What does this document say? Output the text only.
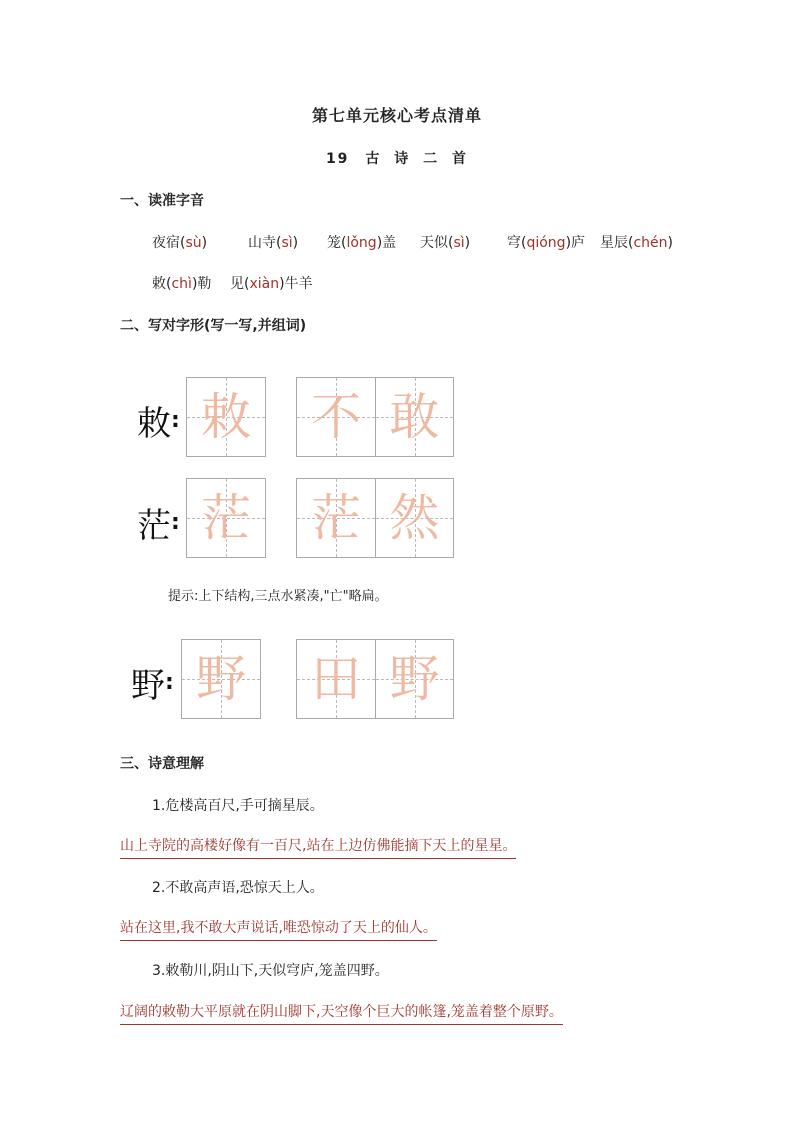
第七单元核心考点清单
19　古 诗 二 首
一、读准字音
夜宿(sù)	山寺(sì)	笼(lǒng)盖	天似(sì)	穹(qióng)庐	星辰(chén)
敕(chì)勒	见(xiàn)牛羊
二、写对字形(写一写,并组词)
敕 : 敕 不 敢
茫 : 茫 茫 然
提示:上下结构,三点水紧凑,"亡"略扁。
野 : 野 田 野
三、诗意理解
1.危楼高百尺,手可摘星辰。
山上寺院的高楼好像有一百尺,站在上边仿佛能摘下天上的星星。
2.不敢高声语,恐惊天上人。
站在这里,我不敢大声说话,唯恐惊动了天上的仙人。
3.敕勒川,阴山下,天似穹庐,笼盖四野。
辽阔的敕勒大平原就在阴山脚下,天空像个巨大的帐篷,笼盖着整个原野。
